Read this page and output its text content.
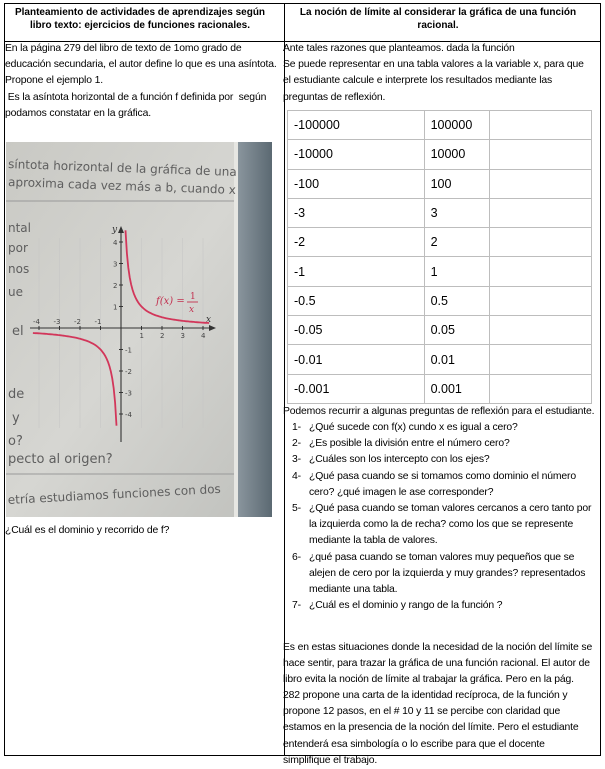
Planteamiento de actividades de aprendizajes según libro texto: ejercicios de funciones racionales.
La noción de límite al considerar la gráfica de una función racional.

En la página 279 del libro de texto de 1omo grado de educación secundaria, el autor define lo que es una asíntota.

Propone el ejemplo 1.

Es la asíntota horizontal de a función f definida por  según podamos constatar en la gráfica.

síntota horizontal de la gráfica de una
aproxima cada vez más a b, cuando x
ntal
por
nos
ue
el
de
y
o?
pecto al origen?
etría estudiamos funciones con dos
x
y
-4 -3 -2 -1
1 2 3 4
4
3
2
1
-1
-2
-3
-4
f(x) = 1
x
¿Cuál es el dominio y recorrido de f?

Ante tales razones que planteamos. dada la función

Se puede representar en una tabla valores a la variable x, para que el estudiante calcule e interprete los resultados mediante las preguntas de reflexión.

-100000	100000	
-10000	10000	
-100	100	
-3	3	
-2	2	
-1	1	
-0.5	0.5	
-0.05	0.05	
-0.01	0.01	
-0.001	0.001	
Podemos recurrir a algunas preguntas de reflexión para el estudiante.
1- ¿Qué sucede con f(x) cundo x es igual a cero?
2- ¿Es posible la división entre el número cero?
3- ¿Cuáles son los intercepto con los ejes?
4- ¿Qué pasa cuando se si tomamos como dominio el número cero? ¿qué imagen le ase corresponder?
5- ¿Qué pasa cuando se toman valores cercanos a cero tanto por la izquierda como la de recha? como los que se represente mediante la tabla de valores.
6- ¿qué pasa cuando se toman valores muy pequeños que se alejen de cero por la izquierda y muy grandes? representados mediante una tabla.
7- ¿Cuál es el dominio y rango de la función ?
Es en estas situaciones donde la necesidad de la noción del límite se hace sentir, para trazar la gráfica de una función racional. El autor de libro evita la noción de límite al trabajar la gráfica. Pero en la pág. 282 propone una carta de la identidad recíproca, de la función y propone 12 pasos, en el # 10 y 11 se percibe con claridad que estamos en la presencia de la noción del límite. Pero el estudiante entenderá esa simbología o lo escribe para que el docente simplifique el trabajo.
